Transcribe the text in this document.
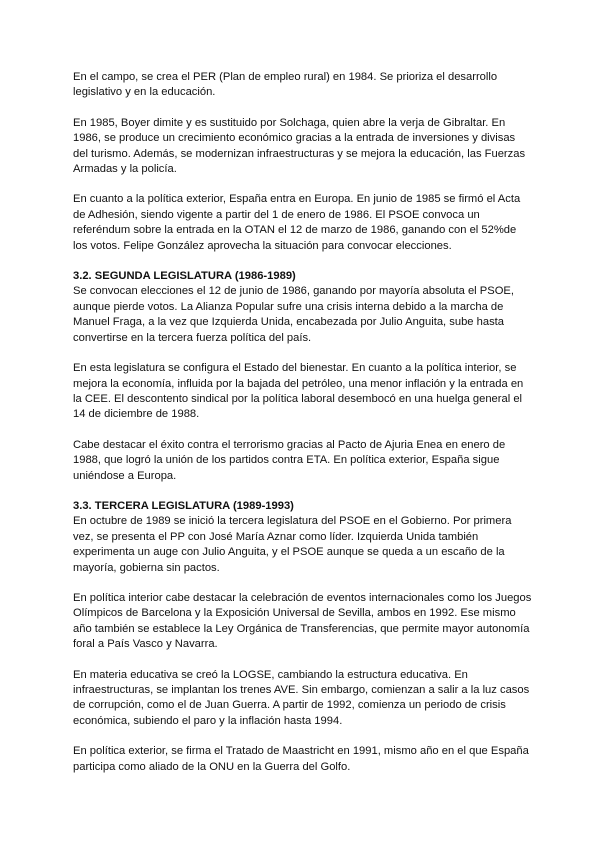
En el campo, se crea el PER (Plan de empleo rural) en 1984. Se prioriza el desarrollo legislativo y en la educación.

En 1985, Boyer dimite y es sustituido por Solchaga, quien abre la verja de Gibraltar. En 1986, se produce un crecimiento económico gracias a la entrada de inversiones y divisas del turismo. Además, se modernizan infraestructuras y se mejora la educación, las Fuerzas Armadas y la policía.

En cuanto a la política exterior, España entra en Europa. En junio de 1985 se firmó el Acta de Adhesión, siendo vigente a partir del 1 de enero de 1986. El PSOE convoca un referéndum sobre la entrada en la OTAN el 12 de marzo de 1986, ganando con el 52%de los votos. Felipe González aprovecha la situación para convocar elecciones.

3.2. SEGUNDA LEGISLATURA (1986-1989)

Se convocan elecciones el 12 de junio de 1986, ganando por mayoría absoluta el PSOE, aunque pierde votos. La Alianza Popular sufre una crisis interna debido a la marcha de Manuel Fraga, a la vez que Izquierda Unida, encabezada por Julio Anguita, sube hasta convertirse en la tercera fuerza política del país.

En esta legislatura se configura el Estado del bienestar. En cuanto a la política interior, se mejora la economía, influida por la bajada del petróleo, una menor inflación y la entrada en la CEE. El descontento sindical por la política laboral desembocó en una huelga general el 14 de diciembre de 1988.

Cabe destacar el éxito contra el terrorismo gracias al Pacto de Ajuria Enea en enero de 1988, que logró la unión de los partidos contra ETA. En política exterior, España sigue uniéndose a Europa.

3.3. TERCERA LEGISLATURA (1989-1993)

En octubre de 1989 se inició la tercera legislatura del PSOE en el Gobierno. Por primera vez, se presenta el PP con José María Aznar como líder. Izquierda Unida también experimenta un auge con Julio Anguita, y el PSOE aunque se queda a un escaño de la mayoría, gobierna sin pactos.

En política interior cabe destacar la celebración de eventos internacionales como los Juegos Olímpicos de Barcelona y la Exposición Universal de Sevilla, ambos en 1992. Ese mismo año también se establece la Ley Orgánica de Transferencias, que permite mayor autonomía foral a País Vasco y Navarra.

En materia educativa se creó la LOGSE, cambiando la estructura educativa. En infraestructuras, se implantan los trenes AVE. Sin embargo, comienzan a salir a la luz casos de corrupción, como el de Juan Guerra. A partir de 1992, comienza un periodo de crisis económica, subiendo el paro y la inflación hasta 1994.

En política exterior, se firma el Tratado de Maastricht en 1991, mismo año en el que España participa como aliado de la ONU en la Guerra del Golfo.
